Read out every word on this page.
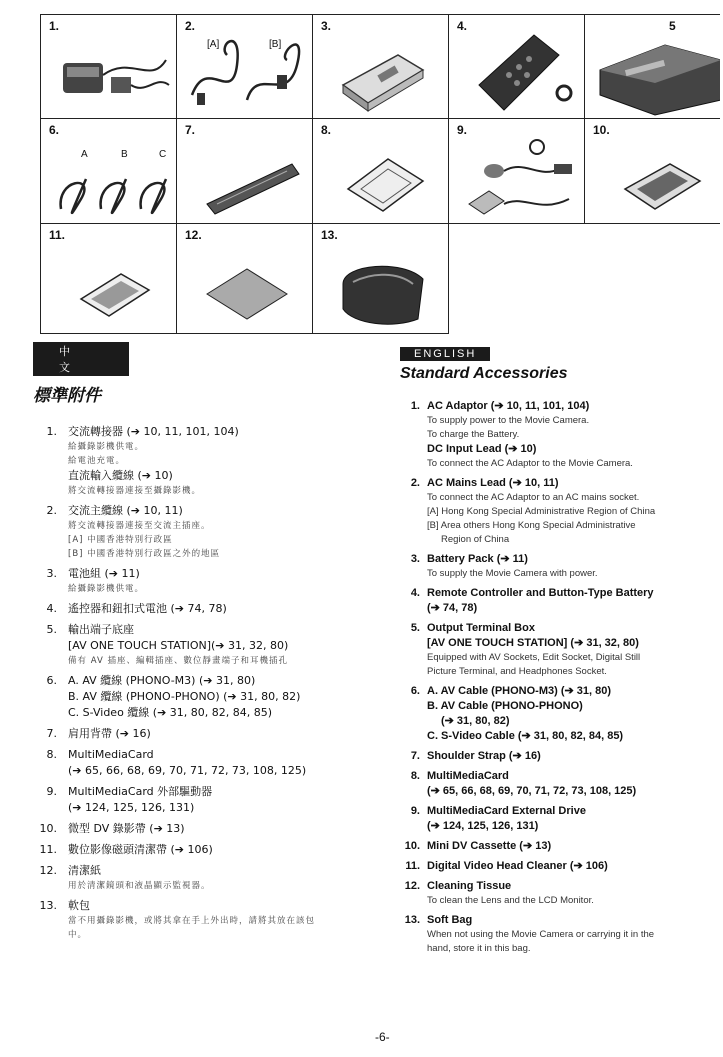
1.	2.
[A]	[B]
3.	4.	5
6.
A	B	C
7.	8.	9.	10.
11.	12.	13.
中 文
標準附件
1. 交流轉接器 (➔ 10, 11, 101, 104)
給攝錄影機供電。
給電池充電。
直流輸入纜線 (➔ 10)
將交流轉接器連接至攝錄影機。
2. 交流主纜線 (➔ 10, 11)
將交流轉接器連接至交流主插座。
[A] 中國香港特別行政區
[B] 中國香港特別行政區之外的地區
3. 電池組 (➔ 11)
給攝錄影機供電。
4. 遙控器和鈕扣式電池 (➔ 74, 78)
5. 輸出端子底座
[AV ONE TOUCH STATION](➔ 31, 32, 80)
備有 AV 插座、編輯插座、數位靜畫端子和耳機插孔
6. A. AV 纜線 (PHONO-M3) (➔ 31, 80)
B. AV 纜線 (PHONO-PHONO) (➔ 31, 80, 82)
C. S-Video 纜線 (➔ 31, 80, 82, 84, 85)
7. 肩用背帶 (➔ 16)
8. MultiMediaCard
(➔ 65, 66, 68, 69, 70, 71, 72, 73, 108, 125)
9. MultiMediaCard 外部驅動器
(➔ 124, 125, 126, 131)
10. 微型 DV 錄影帶 (➔ 13)
11. 數位影像磁頭清潔帶 (➔ 106)
12. 清潔紙
用於清潔鏡頭和液晶顯示監視器。
13. 軟包
當不用攝錄影機，或將其拿在手上外出時，請將其放在該包
中。
ENGLISH
Standard Accessories
1. AC Adaptor (➔ 10, 11, 101, 104)
To supply power to the Movie Camera.
To charge the Battery.
DC Input Lead (➔ 10)
To connect the AC Adaptor to the Movie Camera.
2. AC Mains Lead (➔ 10, 11)
To connect the AC Adaptor to an AC mains socket.
[A] Hong Kong Special Administrative Region of China
[B] Area others Hong Kong Special Administrative
Region of China
3. Battery Pack (➔ 11)
To supply the Movie Camera with power.
4. Remote Controller and Button-Type Battery
(➔ 74, 78)
5. Output Terminal Box
[AV ONE TOUCH STATION] (➔ 31, 32, 80)
Equipped with AV Sockets, Edit Socket, Digital Still
Picture Terminal, and Headphones Socket.
6. A. AV Cable (PHONO-M3) (➔ 31, 80)
B. AV Cable (PHONO-PHONO)
(➔ 31, 80, 82)
C. S-Video Cable (➔ 31, 80, 82, 84, 85)
7. Shoulder Strap (➔ 16)
8. MultiMediaCard
(➔ 65, 66, 68, 69, 70, 71, 72, 73, 108, 125)
9. MultiMediaCard External Drive
(➔ 124, 125, 126, 131)
10. Mini DV Cassette (➔ 13)
11. Digital Video Head Cleaner (➔ 106)
12. Cleaning Tissue
To clean the Lens and the LCD Monitor.
13. Soft Bag
When not using the Movie Camera or carrying it in the
hand, store it in this bag.
-6-
